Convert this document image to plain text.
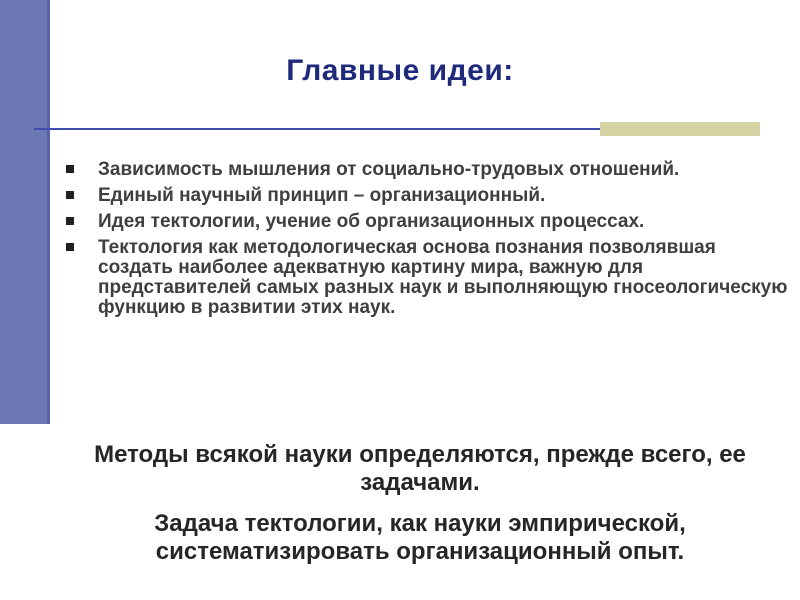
Главные идеи:
Зависимость мышления от социально-трудовых отношений.
Единый научный принцип – организационный.
Идея тектологии, учение об организационных процессах.
Тектология как методологическая основа познания позволявшая создать наиболее адекватную картину мира, важную для представителей самых разных наук и выполняющую гносеологическую функцию в развитии этих наук.

Методы всякой науки определяются, прежде всего, ее задачами.

Задача тектологии, как науки эмпирической, систематизировать организационный опыт.
